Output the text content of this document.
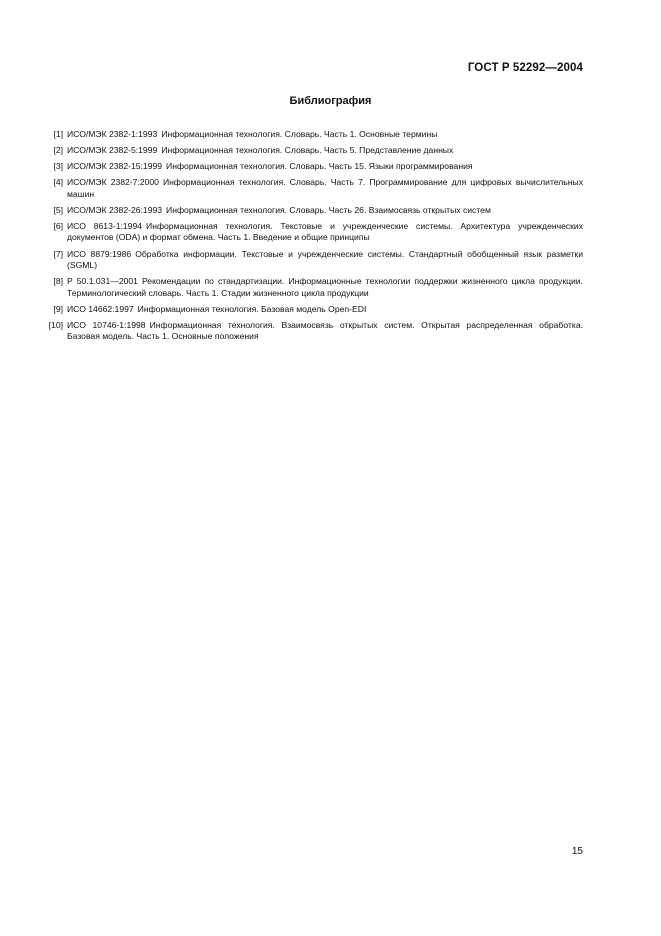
ГОСТ Р 52292—2004
Библиография
[1] ИСО/МЭК 2382-1:1993 Информационная технология. Словарь. Часть 1. Основные термины
[2] ИСО/МЭК 2382-5:1999 Информационная технология. Словарь. Часть 5. Представление данных
[3] ИСО/МЭК 2382-15:1999 Информационная технология. Словарь. Часть 15. Языки программирования
[4] ИСО/МЭК 2382-7:2000 Информационная технология. Словарь. Часть 7. Программирование для цифровых вычислительных машин
[5] ИСО/МЭК 2382-26:1993 Информационная технология. Словарь. Часть 26. Взаимосвязь открытых систем
[6] ИСО 8613-1:1994 Информационная технология. Текстовые и учрежденческие системы. Архитектура учрежденческих документов (ODA) и формат обмена. Часть 1. Введение и общие принципы
[7] ИСО 8879:1986 Обработка информации. Текстовые и учрежденческие системы. Стандартный обобщенный язык разметки (SGML)
[8] Р 50.1.031—2001 Рекомендации по стандартизации. Информационные технологии поддержки жизненного цикла продукции. Терминологический словарь. Часть 1. Стадии жизненного цикла продукции
[9] ИСО 14662:1997 Информационная технология. Базовая модель Open-EDI
[10] ИСО 10746-1:1998 Информационная технология. Взаимосвязь открытых систем. Открытая распределенная обработка. Базовая модель. Часть 1. Основные положения
15
